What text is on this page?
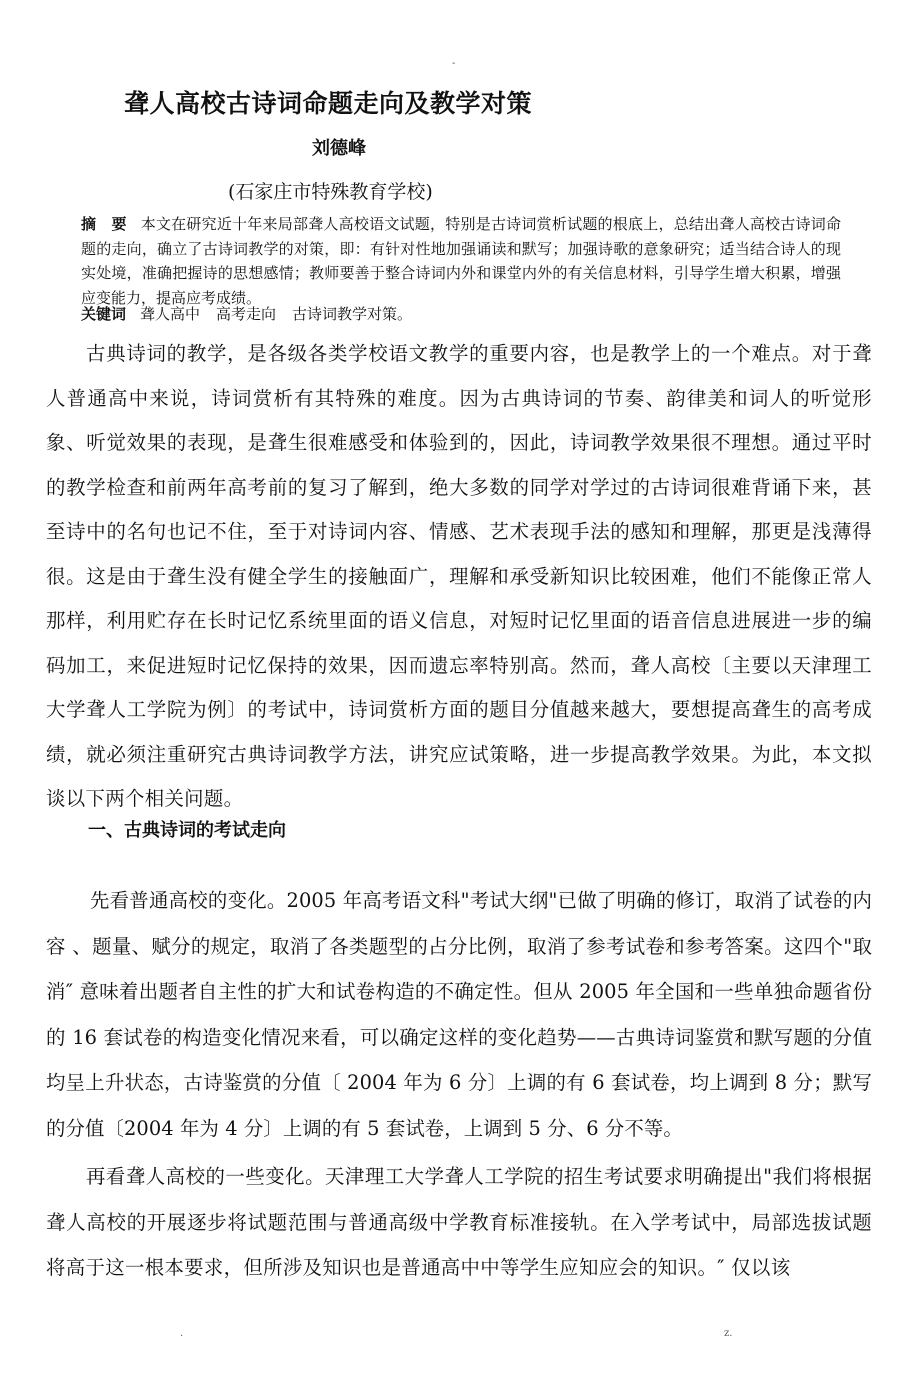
-
聋人高校古诗词命题走向及教学对策
刘德峰
(石家庄市特殊教育学校)
摘　要 本文在研究近十年来局部聋人高校语文试题，特别是古诗词赏析试题的根底上，总结出聋人高校古诗词命题的走向，确立了古诗词教学的对策，即：有针对性地加强诵读和默写；加强诗歌的意象研究；适当结合诗人的现实处境，准确把握诗的思想感情；教师要善于整合诗词内外和课堂内外的有关信息材料，引导学生增大积累，增强应变能力，提高应考成绩。
关键词 聋人高中 高考走向 古诗词教学对策。

古典诗词的教学，是各级各类学校语文教学的重要内容，也是教学上的一个难点。对于聋人普通高中来说，诗词赏析有其特殊的难度。因为古典诗词的节奏、韵律美和词人的听觉形象、听觉效果的表现，是聋生很难感受和体验到的，因此，诗词教学效果很不理想。通过平时的教学检查和前两年高考前的复习了解到，绝大多数的同学对学过的古诗词很难背诵下来，甚至诗中的名句也记不住，至于对诗词内容、情感、艺术表现手法的感知和理解，那更是浅薄得很。这是由于聋生没有健全学生的接触面广，理解和承受新知识比较困难，他们不能像正常人那样，利用贮存在长时记忆系统里面的语义信息，对短时记忆里面的语音信息进展进一步的编码加工，来促进短时记忆保持的效果，因而遗忘率特别高。然而，聋人高校〔主要以天津理工大学聋人工学院为例〕的考试中，诗词赏析方面的题目分值越来越大，要想提高聋生的高考成绩，就必须注重研究古典诗词教学方法，讲究应试策略，进一步提高教学效果。为此，本文拟谈以下两个相关问题。

一、古典诗词的考试走向

先看普通高校的变化。2005 年高考语文科"考试大纲"已做了明确的修订，取消了试卷的内容 、题量、赋分的规定，取消了各类题型的占分比例，取消了参考试卷和参考答案。这四个"取消″ 意味着出题者自主性的扩大和试卷构造的不确定性。但从 2005 年全国和一些单独命题省份的 16 套试卷的构造变化情况来看，可以确定这样的变化趋势——古典诗词鉴赏和默写题的分值均呈上升状态，古诗鉴赏的分值〔 2004 年为 6 分〕上调的有 6 套试卷，均上调到 8 分；默写的分值〔2004 年为 4 分〕上调的有 5 套试卷，上调到 5 分、6 分不等。

再看聋人高校的一些变化。天津理工大学聋人工学院的招生考试要求明确提出"我们将根据聋人高校的开展逐步将试题范围与普通高级中学教育标准接轨。在入学考试中，局部选拔试题将高于这一根本要求，但所涉及知识也是普通高中中等学生应知应会的知识。″ 仅以该

.	z.
